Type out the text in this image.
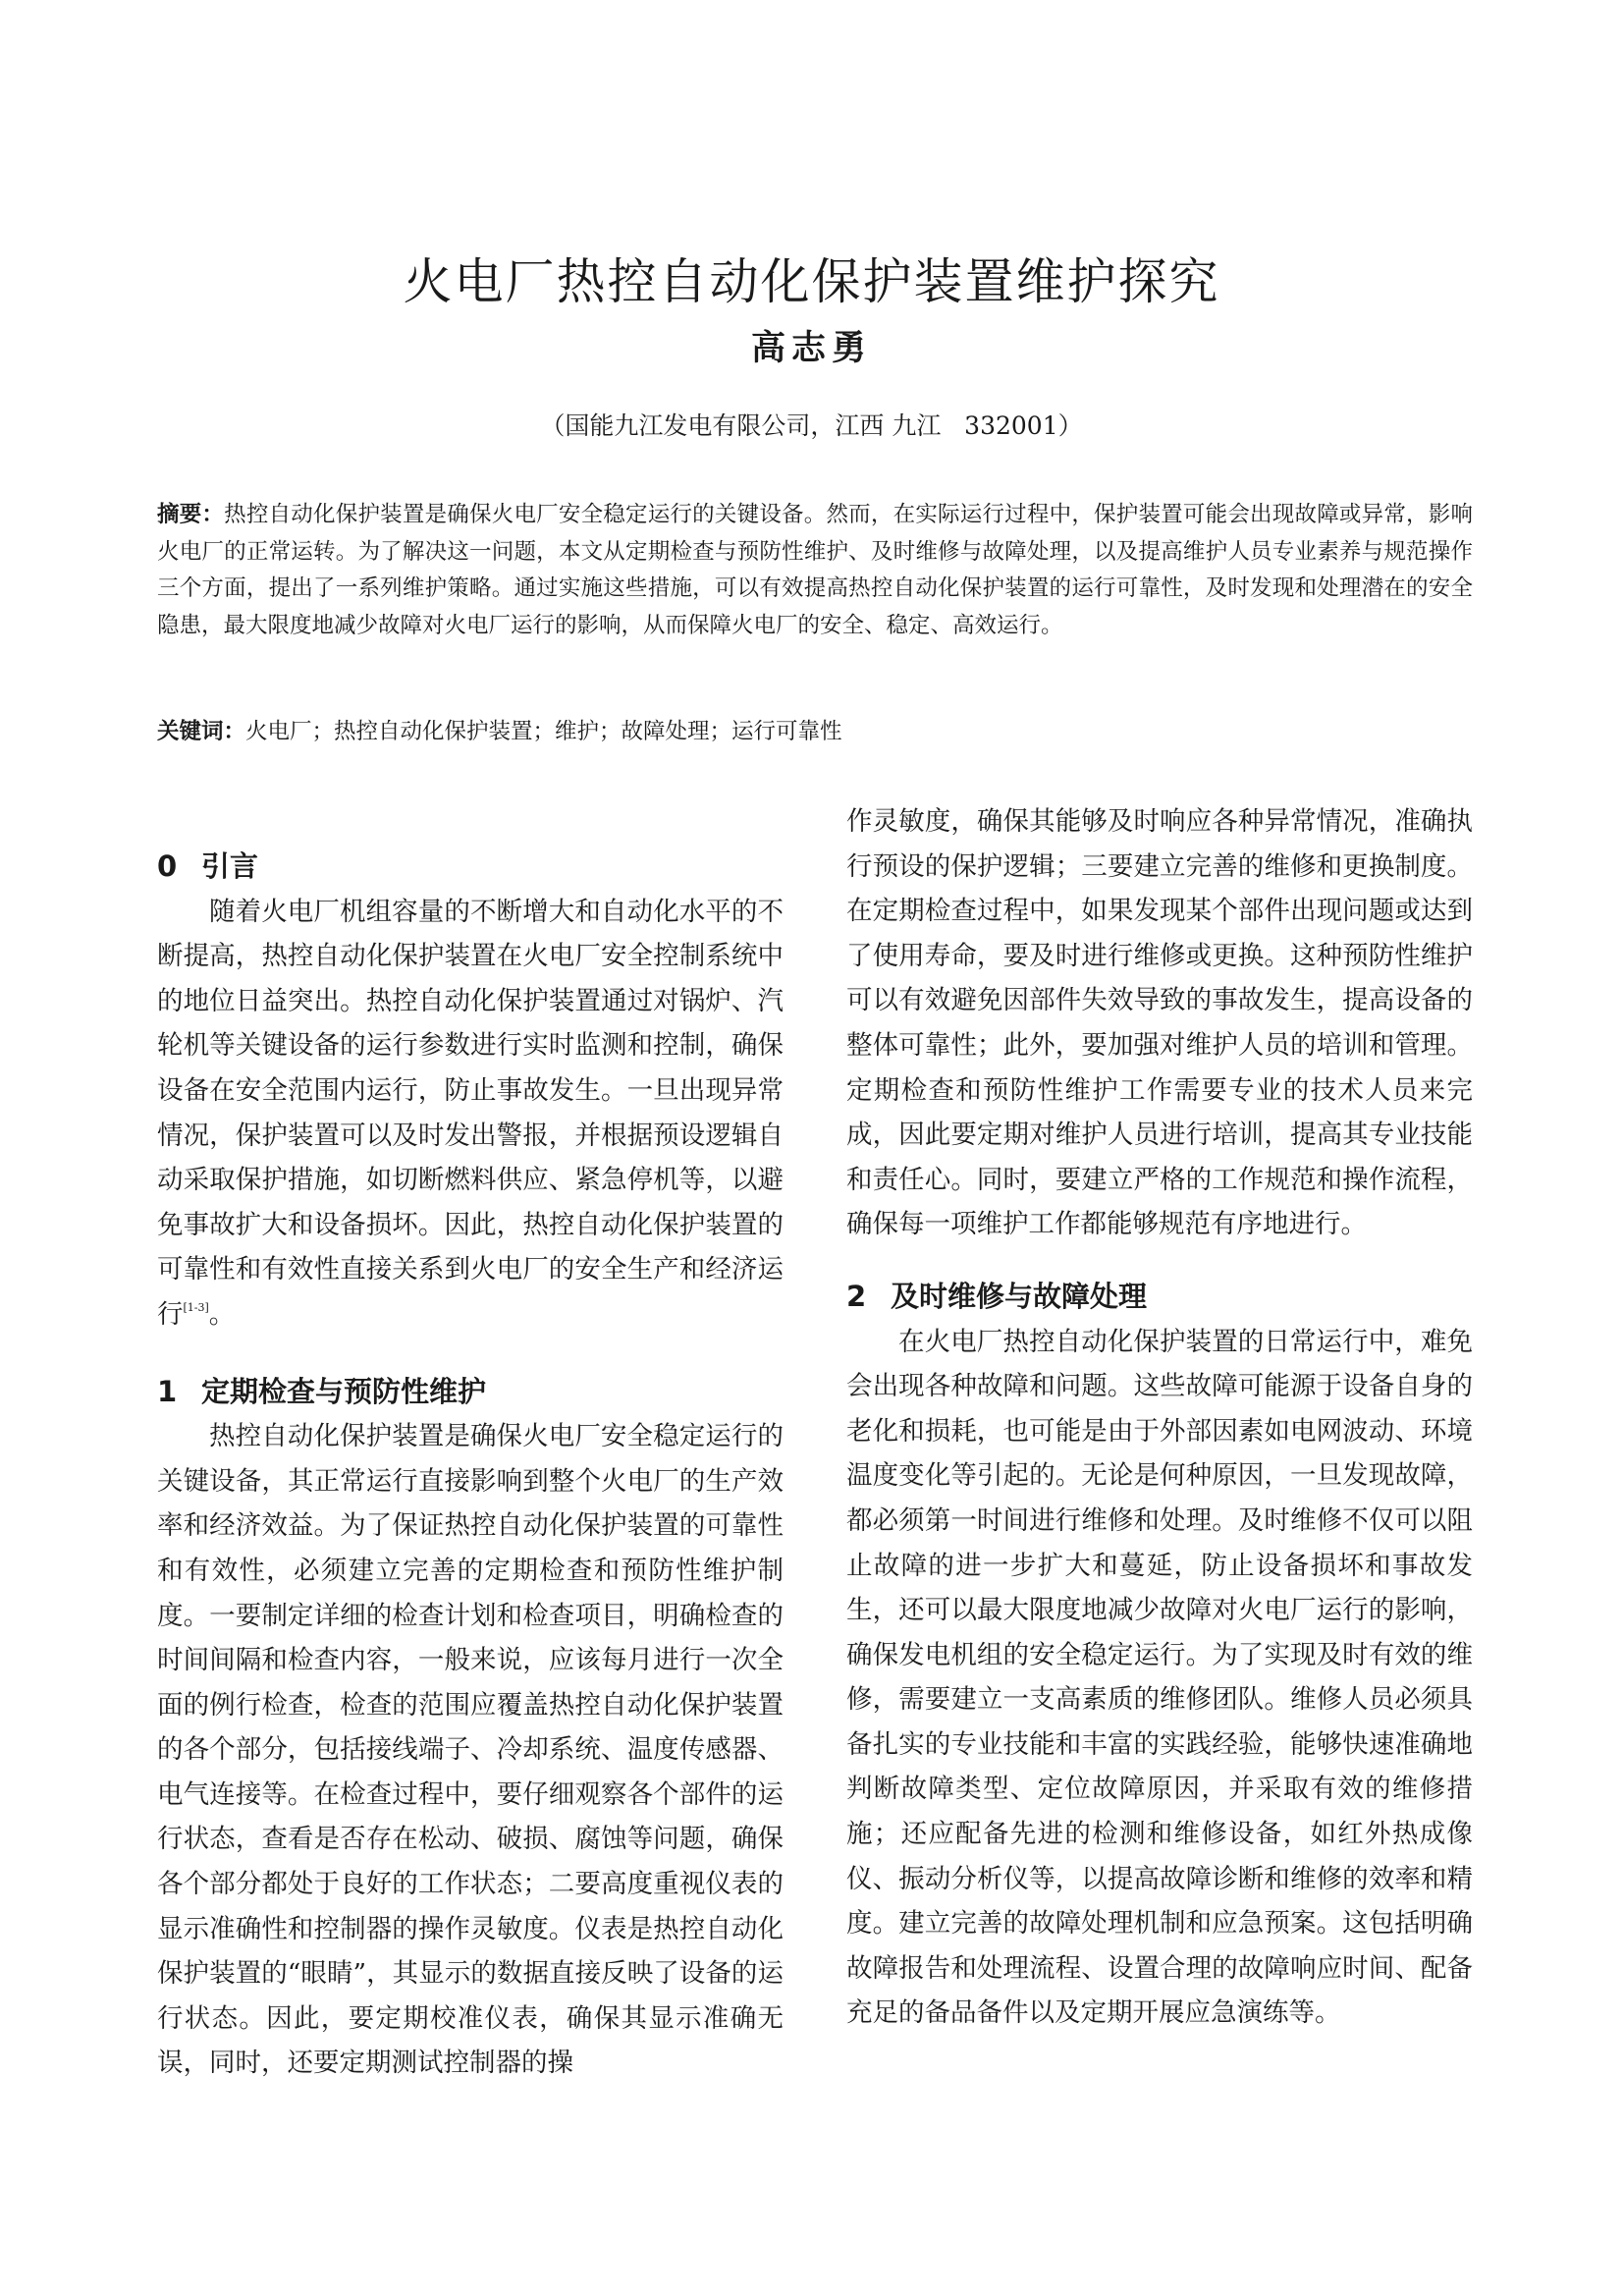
火电厂热控自动化保护装置维护探究
高志勇
（国能九江发电有限公司，江西 九江   332001）
摘要：热控自动化保护装置是确保火电厂安全稳定运行的关键设备。然而，在实际运行过程中，保护装置可能会出现故障或异常，影响火电厂的正常运转。为了解决这一问题，本文从定期检查与预防性维护、及时维修与故障处理，以及提高维护人员专业素养与规范操作三个方面，提出了一系列维护策略。通过实施这些措施，可以有效提高热控自动化保护装置的运行可靠性，及时发现和处理潜在的安全隐患，最大限度地减少故障对火电厂运行的影响，从而保障火电厂的安全、稳定、高效运行。
关键词：火电厂；热控自动化保护装置；维护；故障处理；运行可靠性
0 引言

随着火电厂机组容量的不断增大和自动化水平的不断提高，热控自动化保护装置在火电厂安全控制系统中的地位日益突出。热控自动化保护装置通过对锅炉、汽轮机等关键设备的运行参数进行实时监测和控制，确保设备在安全范围内运行，防止事故发生。一旦出现异常情况，保护装置可以及时发出警报，并根据预设逻辑自动采取保护措施，如切断燃料供应、紧急停机等，以避免事故扩大和设备损坏。因此，热控自动化保护装置的可靠性和有效性直接关系到火电厂的安全生产和经济运行[1-3]。

1 定期检查与预防性维护

热控自动化保护装置是确保火电厂安全稳定运行的关键设备，其正常运行直接影响到整个火电厂的生产效率和经济效益。为了保证热控自动化保护装置的可靠性和有效性，必须建立完善的定期检查和预防性维护制度。一要制定详细的检查计划和检查项目，明确检查的时间间隔和检查内容，一般来说，应该每月进行一次全面的例行检查，检查的范围应覆盖热控自动化保护装置的各个部分，包括接线端子、冷却系统、温度传感器、电气连接等。在检查过程中，要仔细观察各个部件的运行状态，查看是否存在松动、破损、腐蚀等问题，确保各个部分都处于良好的工作状态；二要高度重视仪表的显示准确性和控制器的操作灵敏度。仪表是热控自动化保护装置的“眼睛”，其显示的数据直接反映了设备的运行状态。因此，要定期校准仪表，确保其显示准确无误，同时，还要定期测试控制器的操

作灵敏度，确保其能够及时响应各种异常情况，准确执行预设的保护逻辑；三要建立完善的维修和更换制度。在定期检查过程中，如果发现某个部件出现问题或达到了使用寿命，要及时进行维修或更换。这种预防性维护可以有效避免因部件失效导致的事故发生，提高设备的整体可靠性；此外，要加强对维护人员的培训和管理。定期检查和预防性维护工作需要专业的技术人员来完成，因此要定期对维护人员进行培训，提高其专业技能和责任心。同时，要建立严格的工作规范和操作流程，确保每一项维护工作都能够规范有序地进行。

2 及时维修与故障处理

在火电厂热控自动化保护装置的日常运行中，难免会出现各种故障和问题。这些故障可能源于设备自身的老化和损耗，也可能是由于外部因素如电网波动、环境温度变化等引起的。无论是何种原因，一旦发现故障，都必须第一时间进行维修和处理。及时维修不仅可以阻止故障的进一步扩大和蔓延，防止设备损坏和事故发生，还可以最大限度地减少故障对火电厂运行的影响，确保发电机组的安全稳定运行。为了实现及时有效的维修，需要建立一支高素质的维修团队。维修人员必须具备扎实的专业技能和丰富的实践经验，能够快速准确地判断故障类型、定位故障原因，并采取有效的维修措施；还应配备先进的检测和维修设备，如红外热成像仪、振动分析仪等，以提高故障诊断和维修的效率和精度。建立完善的故障处理机制和应急预案。这包括明确故障报告和处理流程、设置合理的故障响应时间、配备充足的备品备件以及定期开展应急演练等。
